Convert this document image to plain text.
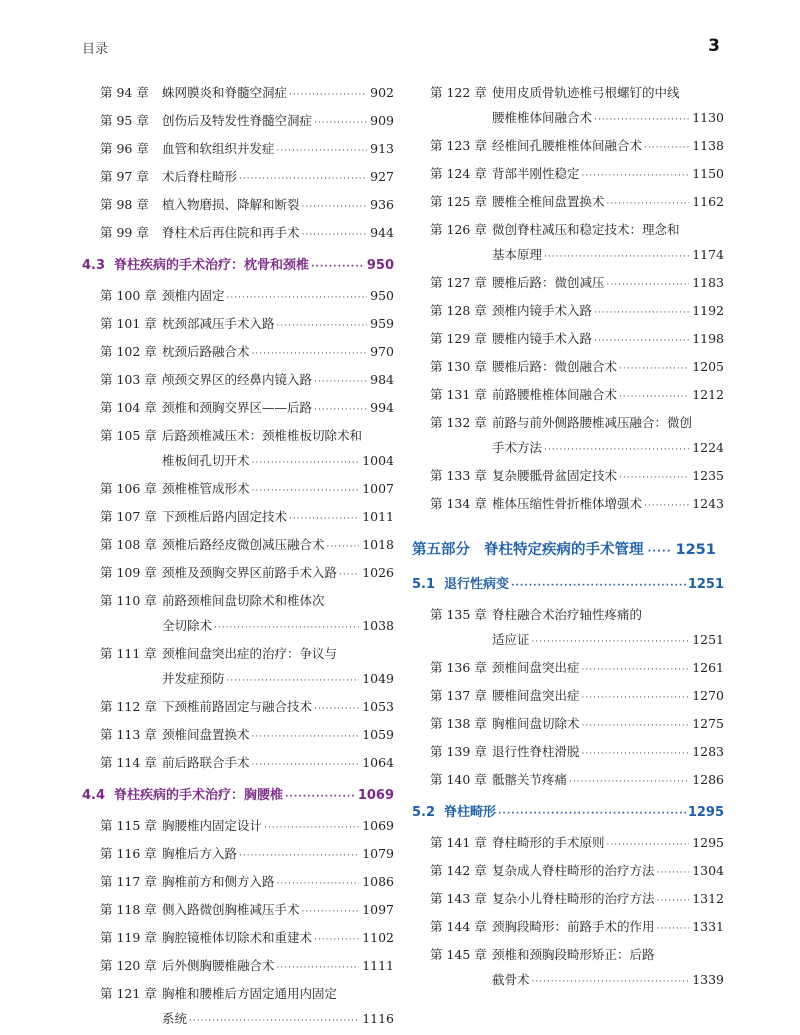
目录	3
第 94 章	蛛网膜炎和脊髓空洞症 ·····	902
第 95 章	创伤后及特发性脊髓空洞症 ·····	909
第 96 章	血管和软组织并发症 ·····	913
第 97 章	术后脊柱畸形 ·····	927
第 98 章	植入物磨损、降解和断裂 ·····	936
第 99 章	脊柱术后再住院和再手术 ·····	944
4.3 脊柱疾病的手术治疗：枕骨和颈椎 ·····	950
第 100 章 颈椎内固定 ·····	950
第 101 章 枕颈部减压手术入路 ·····	959
第 102 章 枕颈后路融合术 ·····	970
第 103 章 颅颈交界区的经鼻内镜入路 ·····	984
第 104 章 颈椎和颈胸交界区——后路 ·····	994
第 105 章 后路颈椎减压术：颈椎椎板切除术和
椎板间孔切开术 ·····	1004
第 106 章 颈椎椎管成形术 ·····	1007
第 107 章 下颈椎后路内固定技术 ·····	1011
第 108 章 颈椎后路经皮微创减压融合术 ·····	1018
第 109 章 颈椎及颈胸交界区前路手术入路 ····· 1026
第 110 章 前路颈椎间盘切除术和椎体次
全切除术 ·····	1038
第 111 章 颈椎间盘突出症的治疗：争议与
并发症预防 ·····	1049
第 112 章 下颈椎前路固定与融合技术 ·····	1053
第 113 章 颈椎间盘置换术 ·····	1059
第 114 章 前后路联合手术 ·····	1064
4.4 脊柱疾病的手术治疗：胸腰椎 ·····	1069
第 115 章 胸腰椎内固定设计 ·····	1069
第 116 章 胸椎后方入路 ·····	1079
第 117 章 胸椎前方和侧方入路 ·····	1086
第 118 章 侧入路微创胸椎减压手术 ·····	1097
第 119 章 胸腔镜椎体切除术和重建术 ·····	1102
第 120 章 后外侧胸腰椎融合术 ·····	1111
第 121 章 胸椎和腰椎后方固定通用内固定
系统 ·····	1116
第 122 章 使用皮质骨轨迹椎弓根螺钉的中线
腰椎椎体间融合术 ·····	1130
第 123 章 经椎间孔腰椎椎体间融合术 ·····	1138
第 124 章 背部半刚性稳定 ·····	1150
第 125 章 腰椎全椎间盘置换术 ·····	1162
第 126 章 微创脊柱减压和稳定技术：理念和
基本原理 ·····	1174
第 127 章 腰椎后路：微创减压 ·····	1183
第 128 章 颈椎内镜手术入路 ·····	1192
第 129 章 腰椎内镜手术入路 ·····	1198
第 130 章 腰椎后路：微创融合术 ·····	1205
第 131 章 前路腰椎椎体间融合术 ·····	1212
第 132 章 前路与前外侧路腰椎减压融合：微创
手术方法 ·····	1224
第 133 章 复杂腰骶骨盆固定技术 ·····	1235
第 134 章 椎体压缩性骨折椎体增强术 ·····	1243
第五部分 脊柱特定疾病的手术管理 ····· 1251
5.1 退行性病变 ·····	1251
第 135 章 脊柱融合术治疗轴性疼痛的
适应证 ·····	1251
第 136 章 颈椎间盘突出症 ·····	1261
第 137 章 腰椎间盘突出症 ·····	1270
第 138 章 胸椎间盘切除术 ·····	1275
第 139 章 退行性脊柱滑脱 ·····	1283
第 140 章 骶髂关节疼痛 ·····	1286
5.2 脊柱畸形 ·····	1295
第 141 章 脊柱畸形的手术原则 ·····	1295
第 142 章 复杂成人脊柱畸形的治疗方法 ·····	1304
第 143 章 复杂小儿脊柱畸形的治疗方法 ·····	1312
第 144 章 颈胸段畸形：前路手术的作用 ·····	1331
第 145 章 颈椎和颈胸段畸形矫正：后路
截骨术 ·····	1339
